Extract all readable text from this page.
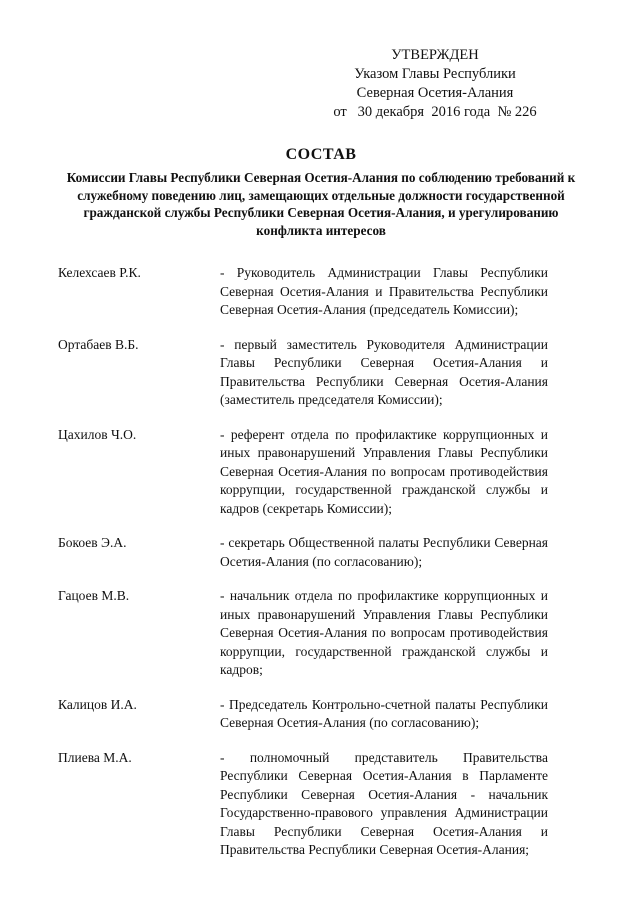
УТВЕРЖДЕН
Указом Главы Республики
Северная Осетия-Алания
от   30 декабря  2016 года  № 226
СОСТАВ
Комиссии Главы Республики Северная Осетия-Алания по соблюдению требований к служебному поведению лиц, замещающих отдельные должности государственной гражданской службы Республики Северная Осетия-Алания, и урегулированию конфликта интересов
Келехсаев Р.К.	- Руководитель Администрации Главы Республики Северная Осетия-Алания и Правительства Республики Северная Осетия-Алания (председатель Комиссии);
Ортабаев В.Б.	- первый заместитель Руководителя Администрации Главы Республики Северная Осетия-Алания и Правительства Республики Северная Осетия-Алания (заместитель председателя Комиссии);
Цахилов Ч.О.	- референт отдела по профилактике коррупционных и иных правонарушений Управления Главы Республики Северная Осетия-Алания по вопросам противодействия коррупции, государственной гражданской службы и кадров (секретарь Комиссии);
Бокоев Э.А.	- секретарь Общественной палаты Республики Северная Осетия-Алания (по согласованию);
Гацоев М.В.	- начальник отдела по профилактике коррупционных и иных правонарушений Управления Главы Республики Северная Осетия-Алания по вопросам противодействия коррупции, государственной гражданской службы и кадров;
Калицов И.А.	- Председатель Контрольно-счетной палаты Республики Северная Осетия-Алания (по согласованию);
Плиева М.А.	- полномочный представитель Правительства Республики Северная Осетия-Алания в Парламенте Республики Северная Осетия-Алания - начальник Государственно-правового управления Администрации Главы Республики Северная Осетия-Алания и Правительства Республики Северная Осетия-Алания;
